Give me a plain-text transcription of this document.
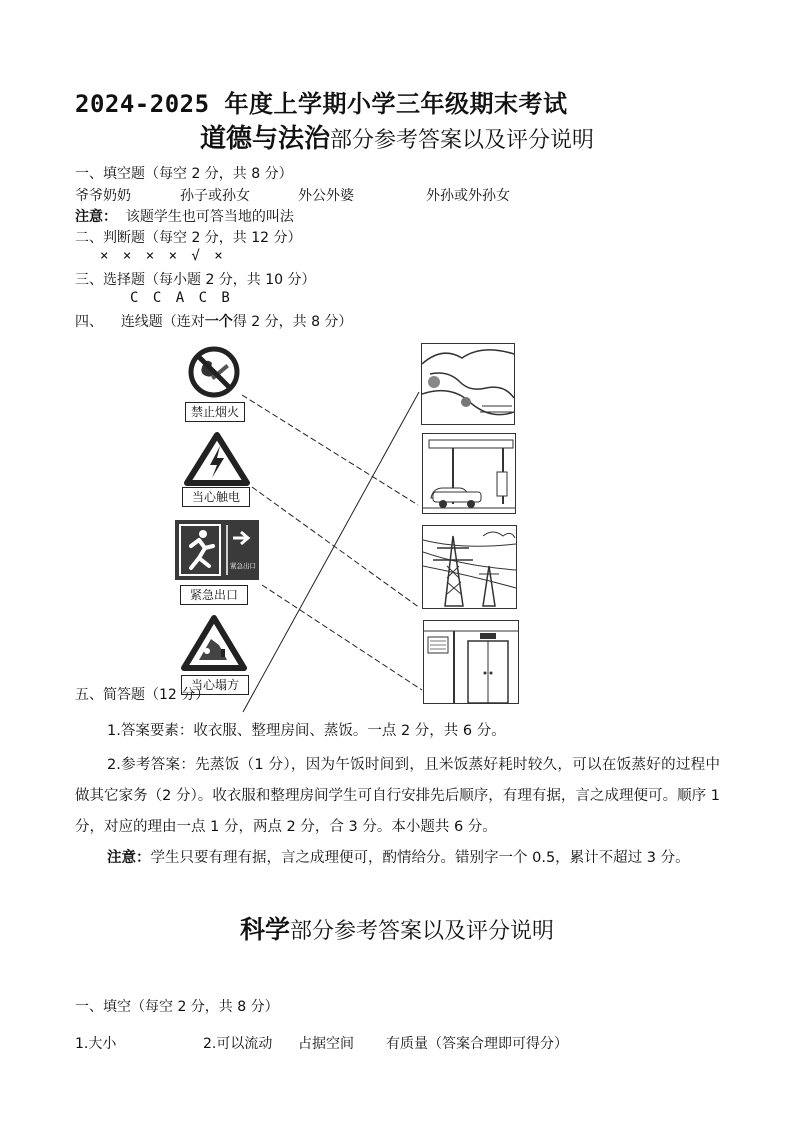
2024-2025 年度上学期小学三年级期末考试
道德与法治部分参考答案以及评分说明
一、填空题（每空 2 分，共 8 分）
爷爷奶奶	孙子或孙女	外公外婆	外孙或外孙女
注意： 该题学生也可答当地的叫法
二、判断题（每空 2 分，共 12 分）
× × × × √ ×
三、选择题（每小题 2 分，共 10 分）
C C A C B
四、 连线题（连对一个得 2 分，共 8 分）
禁止烟火
当心触电
紧急出口
紧急出口
当心塌方
五、简答题（12 分）
1.答案要素：收衣服、整理房间、蒸饭。一点 2 分，共 6 分。
2.参考答案：先蒸饭（1 分），因为午饭时间到，且米饭蒸好耗时较久，可以在饭蒸好的过程中做其它家务（2 分）。收衣服和整理房间学生可自行安排先后顺序，有理有据，言之成理便可。顺序 1 分，对应的理由一点 1 分，两点 2 分，合 3 分。本小题共 6 分。
注意：学生只要有理有据，言之成理便可，酌情给分。错别字一个 0.5，累计不超过 3 分。
科学部分参考答案以及评分说明
一、填空（每空 2 分，共 8 分）
1.大小	2.可以流动 占据空间 有质量（答案合理即可得分）
